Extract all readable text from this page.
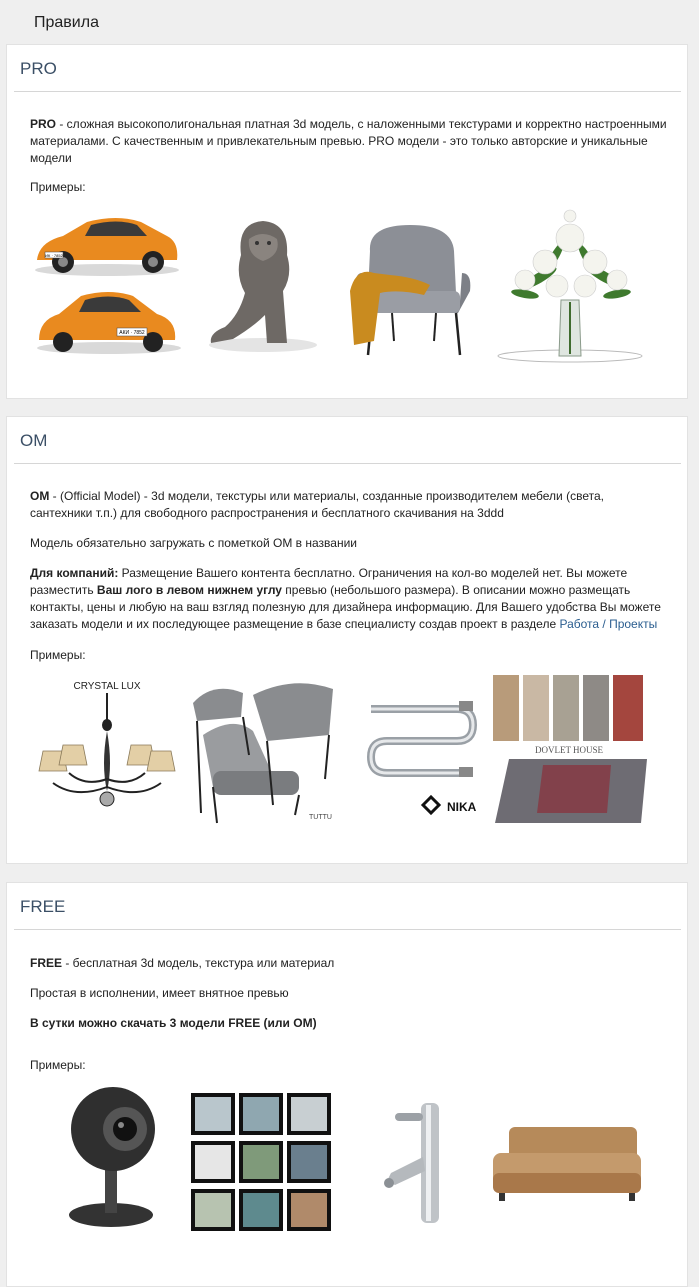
Правила
PRO
PRO - сложная высокополигональная платная 3d модель, с наложенными текстурами и корректно настроенными материалами. С качественным и привлекательным превью. PRO модели - это только авторские и уникальные модели
Примеры:
ИК · 7852
АКИ · 7852
OM
OM - (Official Model) - 3d модели, текстуры или материалы, созданные производителем мебели (света, сантехники т.п.) для свободного распространения и бесплатного скачивания на 3ddd
Модель обязательно загружать с пометкой ОМ в названии
Для компаний: Размещение Вашего контента бесплатно. Ограничения на кол-во моделей нет. Вы можете разместить Ваш лого в левом нижнем углу превью (небольшого размера). В описании можно размещать контакты, цены и любую на ваш взгляд полезную для дизайнера информацию. Для Вашего удобства Вы можете заказать модели и их последующее размещение в базе специалисту создав проект в разделе Работа / Проекты
Примеры:
CRYSTAL LUX
TUTTU
NIKA
DOVLET HOUSE
FREE
FREE - бесплатная 3d модель, текстура или материал
Простая в исполнении, имеет внятное превью
В сутки можно скачать 3 модели FREE (или OM)
Примеры:
